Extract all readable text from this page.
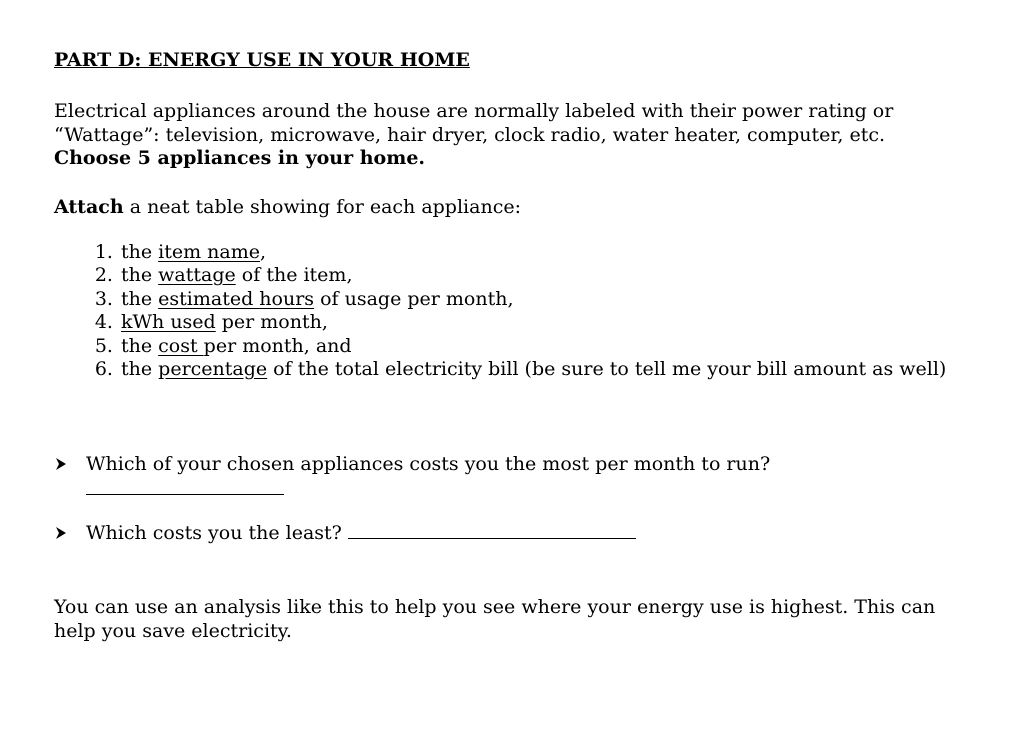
PART D: ENERGY USE IN YOUR HOME

Electrical appliances around the house are normally labeled with their power rating or
“Wattage”: television, microwave, hair dryer, clock radio, water heater, computer, etc.
Choose 5 appliances in your home.
Attach a neat table showing for each appliance:
1. the item name,
2. the wattage of the item,
3. the estimated hours of usage per month,
4. kWh used per month,
5. the cost per month, and
6. the percentage of the total electricity bill (be sure to tell me your bill amount as well)
Which of your chosen appliances costs you the most per month to run?
Which costs you the least?
You can use an analysis like this to help you see where your energy use is highest. This can
help you save electricity.
